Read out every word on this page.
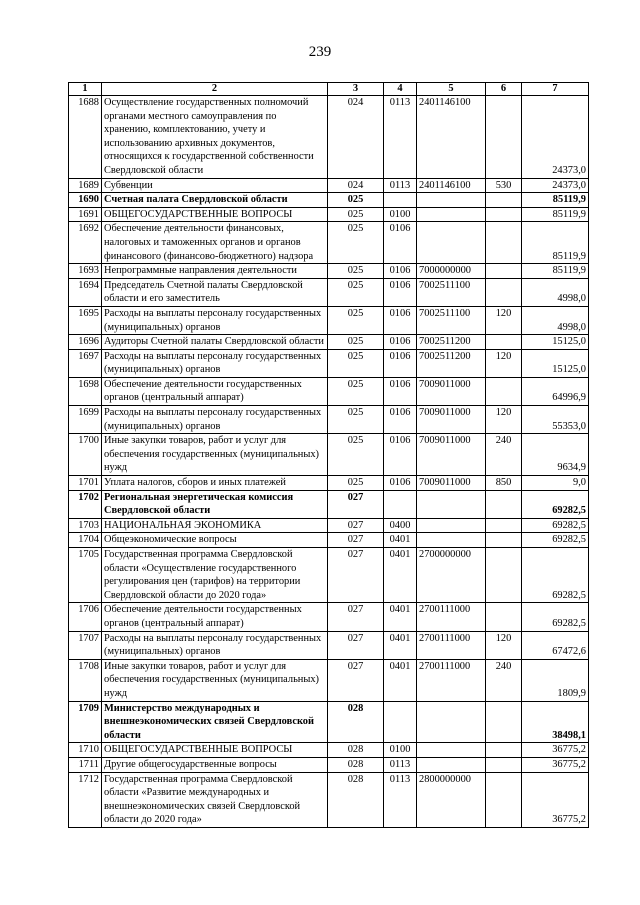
239
1	2	3	4	5	6	7
1688	Осуществление государственных полномочий органами местного самоуправления по хранению, комплектованию, учету и использованию архивных документов, относящихся к государственной собственности Свердловской области	024	0113	2401146100		24373,0
1689	Субвенции	024	0113	2401146100	530	24373,0
1690	Счетная палата Свердловской области	025				85119,9
1691	ОБЩЕГОСУДАРСТВЕННЫЕ ВОПРОСЫ	025	0100			85119,9
1692	Обеспечение деятельности финансовых, налоговых и таможенных органов и органов финансового (финансово-бюджетного) надзора	025	0106			85119,9
1693	Непрограммные направления деятельности	025	0106	7000000000		85119,9
1694	Председатель Счетной палаты Свердловской области и его заместитель	025	0106	7002511100		4998,0
1695	Расходы на выплаты персоналу государственных (муниципальных) органов	025	0106	7002511100	120	4998,0
1696	Аудиторы Счетной палаты Свердловской области	025	0106	7002511200		15125,0
1697	Расходы на выплаты персоналу государственных (муниципальных) органов	025	0106	7002511200	120	15125,0
1698	Обеспечение деятельности государственных органов (центральный аппарат)	025	0106	7009011000		64996,9
1699	Расходы на выплаты персоналу государственных (муниципальных) органов	025	0106	7009011000	120	55353,0
1700	Иные закупки товаров, работ и услуг для обеспечения государственных (муниципальных) нужд	025	0106	7009011000	240	9634,9
1701	Уплата налогов, сборов и иных платежей	025	0106	7009011000	850	9,0
1702	Региональная энергетическая комиссия Свердловской области	027				69282,5
1703	НАЦИОНАЛЬНАЯ ЭКОНОМИКА	027	0400			69282,5
1704	Общеэкономические вопросы	027	0401			69282,5
1705	Государственная программа Свердловской области «Осуществление государственного регулирования цен (тарифов) на территории Свердловской области до 2020 года»	027	0401	2700000000		69282,5
1706	Обеспечение деятельности государственных органов (центральный аппарат)	027	0401	2700111000		69282,5
1707	Расходы на выплаты персоналу государственных (муниципальных) органов	027	0401	2700111000	120	67472,6
1708	Иные закупки товаров, работ и услуг для обеспечения государственных (муниципальных) нужд	027	0401	2700111000	240	1809,9
1709	Министерство международных и внешнеэкономических связей Свердловской области	028				38498,1
1710	ОБЩЕГОСУДАРСТВЕННЫЕ ВОПРОСЫ	028	0100			36775,2
1711	Другие общегосударственные вопросы	028	0113			36775,2
1712	Государственная программа Свердловской области «Развитие международных и внешнеэкономических связей Свердловской области до 2020 года»	028	0113	2800000000		36775,2
